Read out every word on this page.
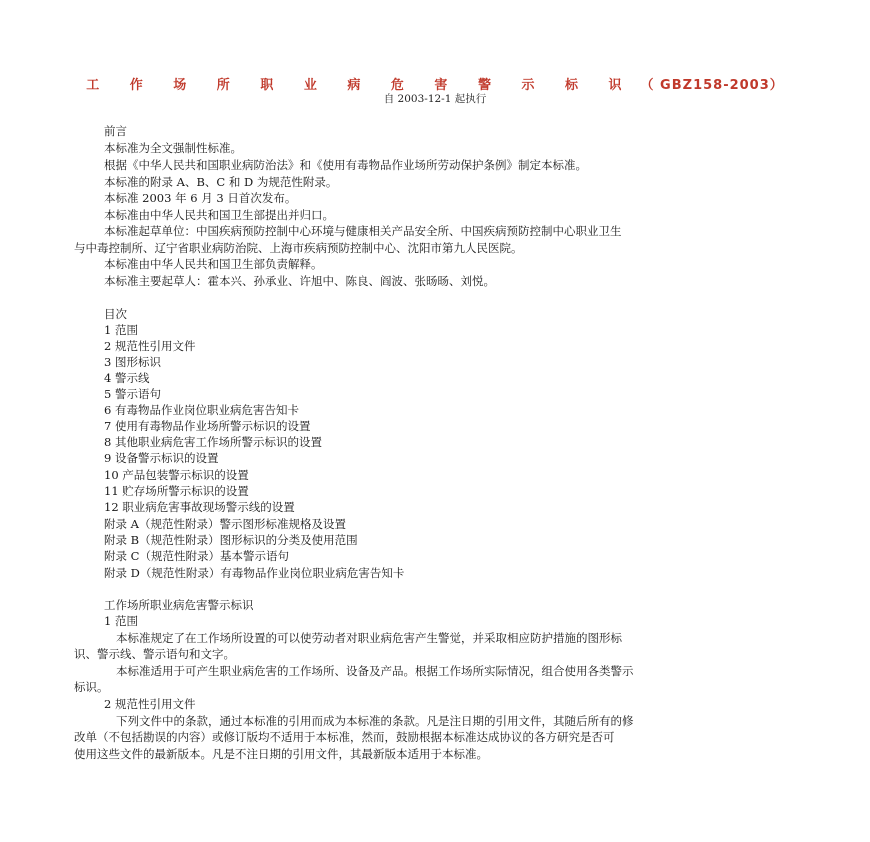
工 作 场 所 职 业 病 危 害 警 示 标 识 （ GBZ158-2003）
自 2003-12-1 起执行
前言
本标准为全文强制性标准。
根据《中华人民共和国职业病防治法》和《使用有毒物品作业场所劳动保护条例》制定本标准。
本标准的附录 A、B、C 和 D 为规范性附录。
本标准 2003 年 6 月 3 日首次发布。
本标准由中华人民共和国卫生部提出并归口。
本标准起草单位：中国疾病预防控制中心环境与健康相关产品安全所、中国疾病预防控制中心职业卫生
与中毒控制所、辽宁省职业病防治院、上海市疾病预防控制中心、沈阳市第九人民医院。
本标准由中华人民共和国卫生部负责解释。
本标准主要起草人：霍本兴、孙承业、许旭中、陈良、阎波、张旸旸、刘悦。
目次
1 范围
2 规范性引用文件
3 图形标识
4 警示线
5 警示语句
6 有毒物品作业岗位职业病危害告知卡
7 使用有毒物品作业场所警示标识的设置
8 其他职业病危害工作场所警示标识的设置
9 设备警示标识的设置
10 产品包装警示标识的设置
11 贮存场所警示标识的设置
12 职业病危害事故现场警示线的设置
附录 A（规范性附录）警示图形标准规格及设置
附录 B（规范性附录）图形标识的分类及使用范围
附录 C（规范性附录）基本警示语句
附录 D（规范性附录）有毒物品作业岗位职业病危害告知卡
工作场所职业病危害警示标识
1 范围
本标准规定了在工作场所设置的可以使劳动者对职业病危害产生警觉，并采取相应防护措施的图形标
识、警示线、警示语句和文字。
本标准适用于可产生职业病危害的工作场所、设备及产品。根据工作场所实际情况，组合使用各类警示
标识。
2 规范性引用文件
下列文件中的条款，通过本标准的引用而成为本标准的条款。凡是注日期的引用文件，其随后所有的修
改单（不包括勘误的内容）或修订版均不适用于本标准，然而，鼓励根据本标准达成协议的各方研究是否可
使用这些文件的最新版本。凡是不注日期的引用文件，其最新版本适用于本标准。
